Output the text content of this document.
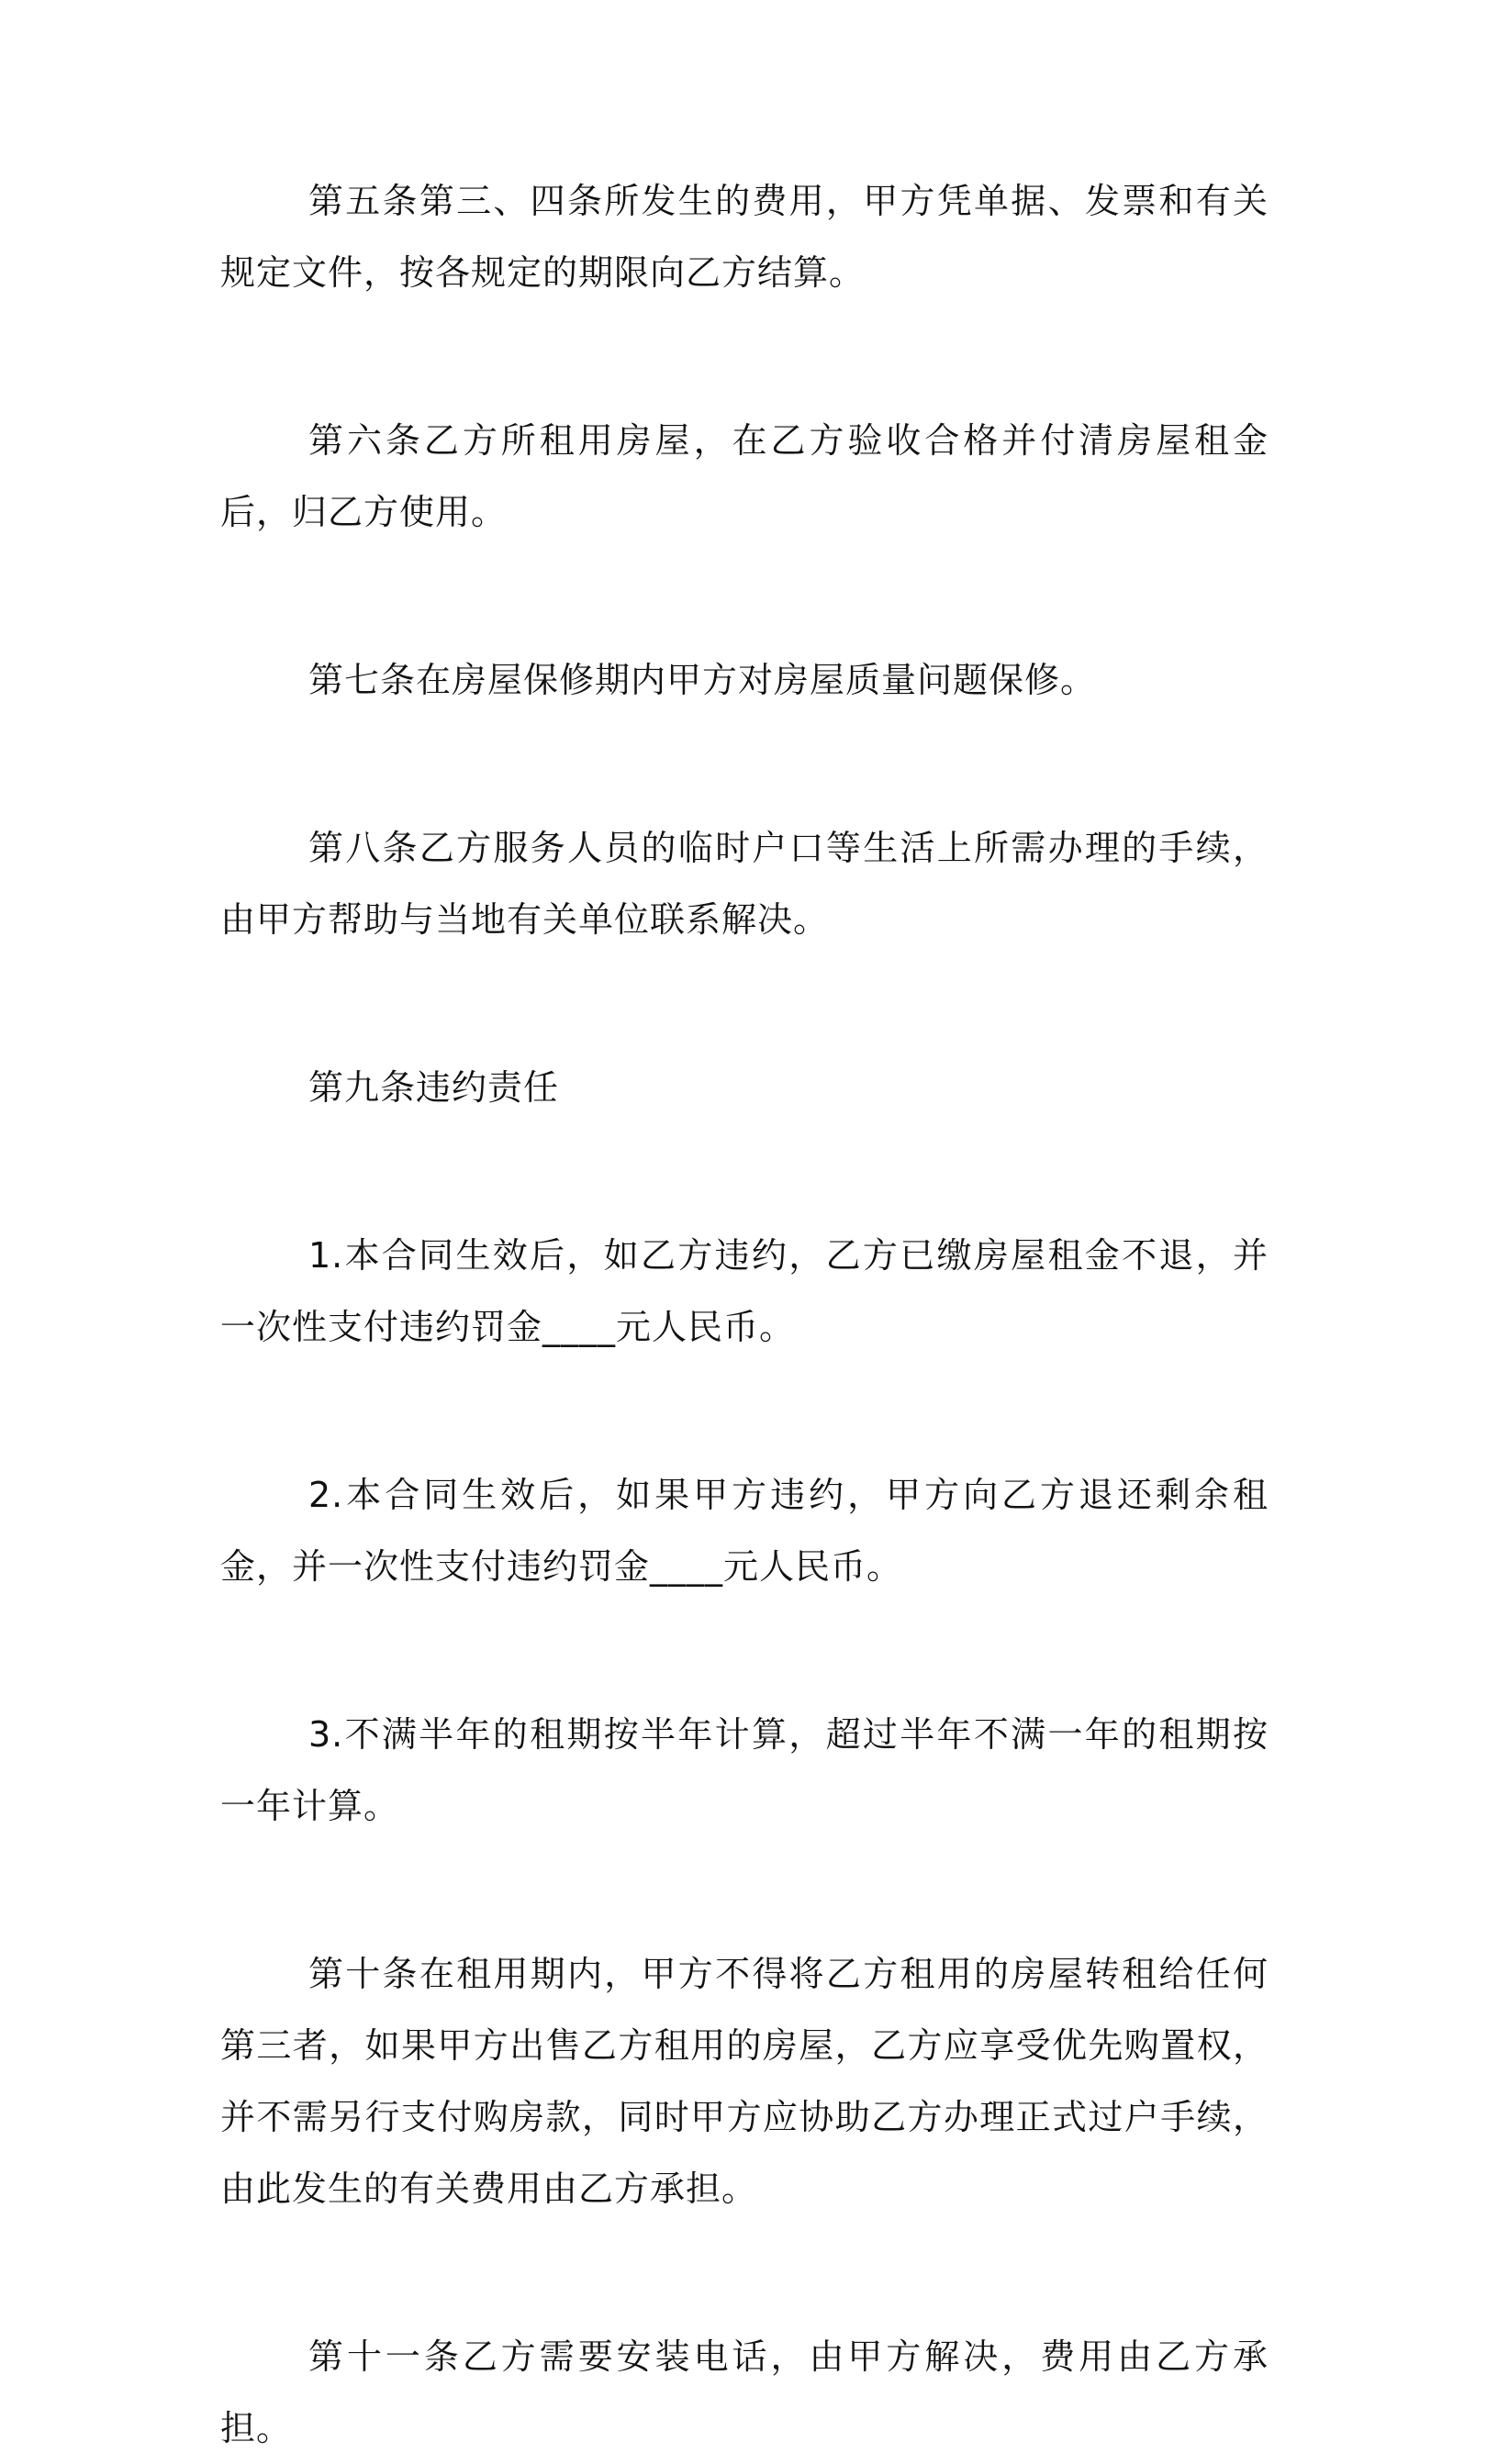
第五条第三、四条所发生的费用，甲方凭单据、发票和有关规定文件，按各规定的期限向乙方结算。

第六条乙方所租用房屋，在乙方验收合格并付清房屋租金后，归乙方使用。

第七条在房屋保修期内甲方对房屋质量问题保修。

第八条乙方服务人员的临时户口等生活上所需办理的手续，由甲方帮助与当地有关单位联系解决。

第九条违约责任

1.本合同生效后，如乙方违约，乙方已缴房屋租金不退，并一次性支付违约罚金____元人民币。

2.本合同生效后，如果甲方违约，甲方向乙方退还剩余租金，并一次性支付违约罚金____元人民币。

3.不满半年的租期按半年计算，超过半年不满一年的租期按一年计算。

第十条在租用期内，甲方不得将乙方租用的房屋转租给任何第三者，如果甲方出售乙方租用的房屋，乙方应享受优先购置权，并不需另行支付购房款，同时甲方应协助乙方办理正式过户手续，由此发生的有关费用由乙方承担。

第十一条乙方需要安装电话，由甲方解决，费用由乙方承担。
